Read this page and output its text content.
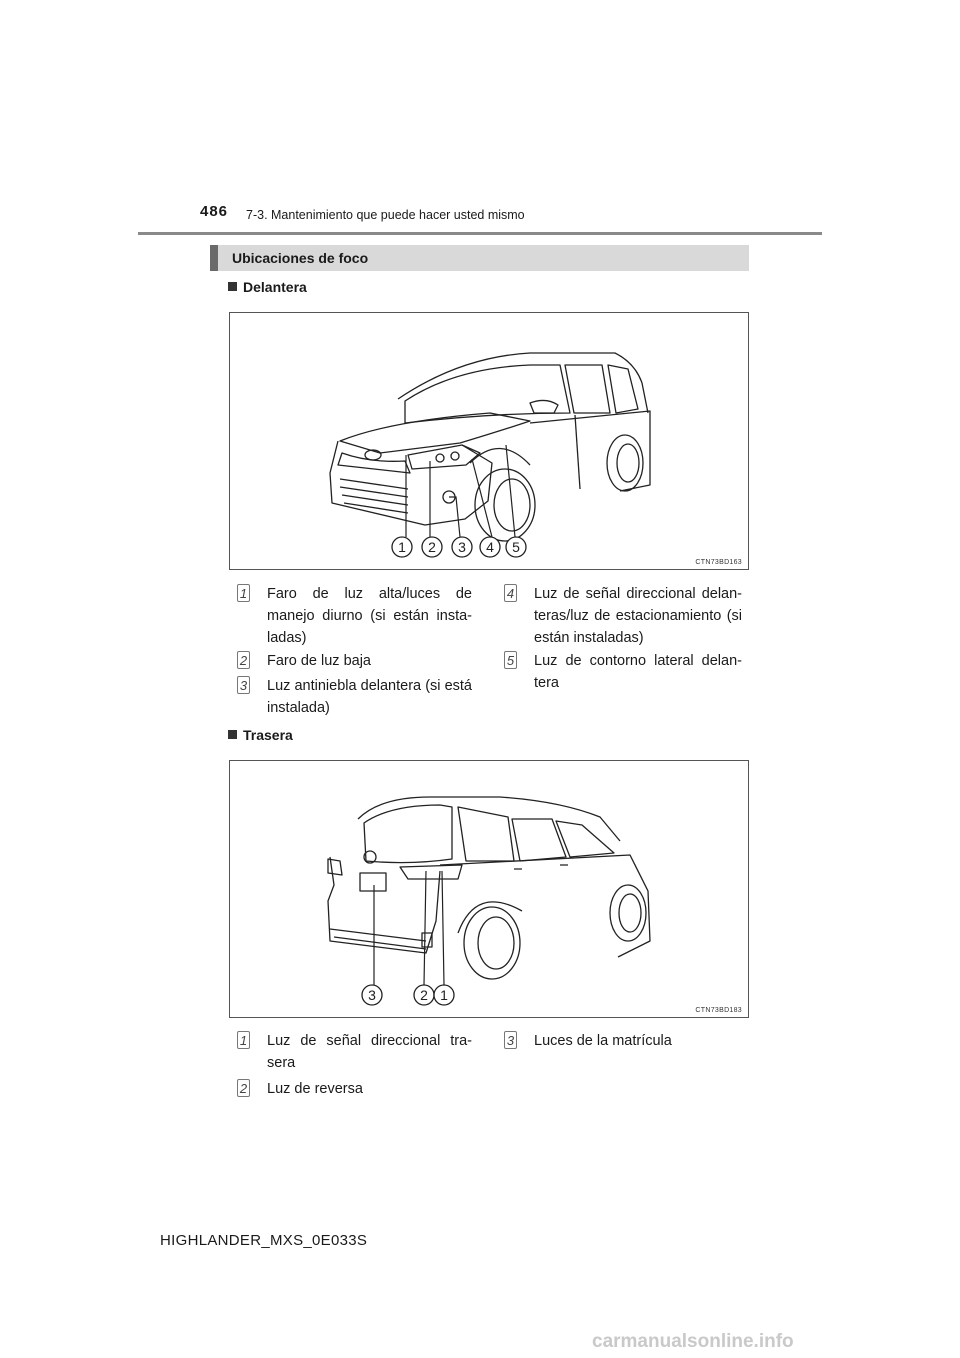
486 7-3. Mantenimiento que puede hacer usted mismo
Ubicaciones de foco
Delantera
1 2 3 4 5
CTN73BD163
1 Faro de luz alta/luces de manejo diurno (si están insta-ladas)
2 Faro de luz baja
3 Luz antiniebla delantera (si está instalada)
4 Luz de señal direccional delan-teras/luz de estacionamiento (si están instaladas)
5 Luz de contorno lateral delan-tera
Trasera
3	2 1
CTN73BD183
1 Luz de señal direccional tra-sera
2 Luz de reversa
3 Luces de la matrícula
HIGHLANDER_MXS_0E033S
carmanualsonline.info
